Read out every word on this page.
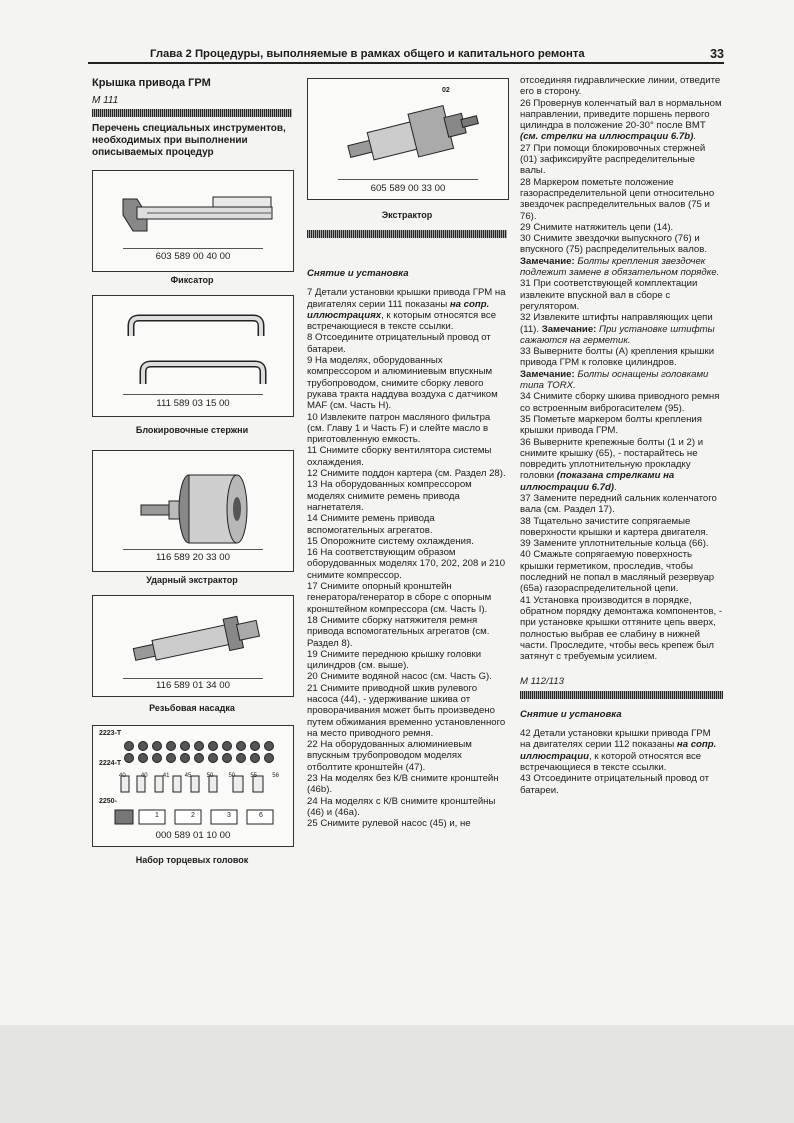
Глава 2 Процедуры, выполняемые в рамках общего и капитального ремонта	33
Крышка привода ГРМ
М 111
Перечень специальных инструментов, необходимых при выполнении описываемых процедур
603 589 00 40 00
Фиксатор
111 589 03 15 00
Блокировочные стержни
116 589 20 33 00
Ударный экстрактор
116 589 01 34 00
Резьбовая насадка
2223-T
2224-T
2250-
40	40	41	45	50	50	55	56
1	2	3	6
000 589 01 10 00
Набор торцевых головок
02
605 589 00 33 00
Экстрактор

Снятие и установка

7 Детали установки крышки привода ГРМ на двигателях серии 111 показаны на сопр. иллюстрациях, к которым относятся все встречающиеся в тексте ссылки.

8 Отсоедините отрицательный провод от батареи.

9 На моделях, оборудованных компрессором и алюминиевым впускным трубопроводом, снимите сборку левого рукава тракта наддува воздуха с датчиком МАF (см. Часть Н).

10 Извлеките патрон масляного фильтра (см. Главу 1 и Часть F) и слейте масло в приготовленную емкость.

11 Снимите сборку вентилятора системы охлаждения.

12 Снимите поддон картера (см. Раздел 28).

13 На оборудованных компрессором моделях снимите ремень привода нагнетателя.

14 Снимите ремень привода вспомогательных агрегатов.

15 Опорожните систему охлаждения.

16 На соответствующим образом оборудованных моделях 170, 202, 208 и 210 снимите компрессор.

17 Снимите опорный кронштейн генератора/генератор в сборе с опорным кронштейном компрессора (см. Часть I).

18 Снимите сборку натяжителя ремня привода вспомогательных агрегатов (см. Раздел 8).

19 Снимите переднюю крышку головки цилиндров (см. выше).

20 Снимите водяной насос (см. Часть G).

21 Снимите приводной шкив рулевого насоса (44), - удерживание шкива от проворачивания может быть произведено путем обжимания временно установленного на место приводного ремня.

22 На оборудованных алюминиевым впускным трубопроводом моделях отболтите кронштейн (47).

23 На моделях без К/В снимите кронштейн (46b).

24 На моделях с К/В снимите кронштейны (46) и (46а).

25 Снимите рулевой насос (45) и, не

отсоединяя гидравлические линии, отведите его в сторону.

26 Провернув коленчатый вал в нормальном направлении, приведите поршень первого цилиндра в положение 20-30° после ВМТ (см. стрелки на иллюстрации 6.7b).

27 При помощи блокировочных стержней (01) зафиксируйте распределительные валы.

28 Маркером пометьте положение газораспределительной цепи относительно звездочек распределительных валов (75 и 76).

29 Снимите натяжитель цепи (14).

30 Снимите звездочки выпускного (76) и впускного (75) распределительных валов. Замечание: Болты крепления звездочек подлежит замене в обязательном порядке.

31 При соответствующей комплектации извлеките впускной вал в сборе с регулятором.

32 Извлеките штифты направляющих цепи (11). Замечание: При установке штифты сажаются на герметик.

33 Выверните болты (А) крепления крышки привода ГРМ к головке цилиндров. Замечание: Болты оснащены головками типа TORX.

34 Снимите сборку шкива приводного ремня со встроенным виброгасителем (95).

35 Пометьте маркером болты крепления крышки привода ГРМ.

36 Выверните крепежные болты (1 и 2) и снимите крышку (65), - постарайтесь не повредить уплотнительную прокладку головки (показана стрелками на иллюстрации 6.7d).

37 Замените передний сальник коленчатого вала (см. Раздел 17).

38 Тщательно зачистите сопрягаемые поверхности крышки и картера двигателя.

39 Замените уплотнительные кольца (66).

40 Смажьте сопрягаемую поверхность крышки герметиком, проследив, чтобы последний не попал в масляный резервуар (65а) газораспределительной цепи.

41 Установка производится в порядке, обратном порядку демонтажа компонентов, - при установке крышки оттяните цепь вверх, полностью выбрав ее слабину в нижней части. Проследите, чтобы весь крепеж был затянут с требуемым усилием.

М 112/113

Снятие и установка

42 Детали установки крышки привода ГРМ на двигателях серии 112 показаны на сопр. иллюстрации, к которой относятся все встречающиеся в тексте ссылки.

43 Отсоедините отрицательный провод от батареи.
